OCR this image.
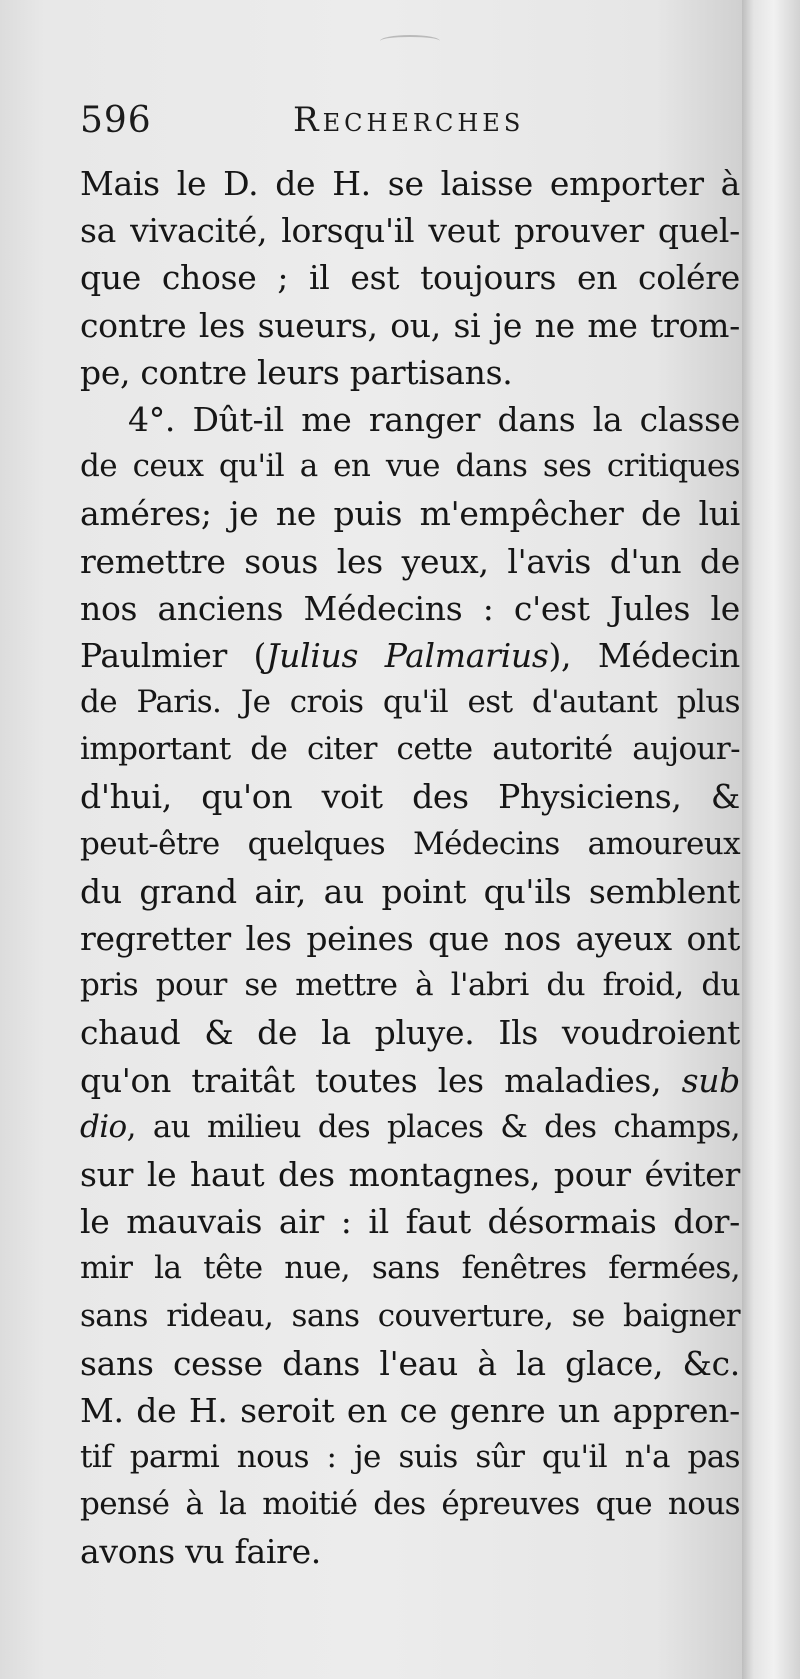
596	Recherches
Mais le D. de H. se laisse emporter à
sa vivacité, lorsqu'il veut prouver quel-
que chose ; il est toujours en colére
contre les sueurs, ou, si je ne me trom-
pe, contre leurs partisans.
4°. Dût-il me ranger dans la classe
de ceux qu'il a en vue dans ses critiques
améres; je ne puis m'empêcher de lui
remettre sous les yeux, l'avis d'un de
nos anciens Médecins : c'est Jules le
Paulmier (Julius Palmarius), Médecin
de Paris. Je crois qu'il est d'autant plus
important de citer cette autorité aujour-
d'hui, qu'on voit des Physiciens, &
peut-être quelques Médecins amoureux
du grand air, au point qu'ils semblent
regretter les peines que nos ayeux ont
pris pour se mettre à l'abri du froid, du
chaud & de la pluye. Ils voudroient
qu'on traitât toutes les maladies, sub
dio, au milieu des places & des champs,
sur le haut des montagnes, pour éviter
le mauvais air : il faut désormais dor-
mir la tête nue, sans fenêtres fermées,
sans rideau, sans couverture, se baigner
sans cesse dans l'eau à la glace, &c.
M. de H. seroit en ce genre un appren-
tif parmi nous : je suis sûr qu'il n'a pas
pensé à la moitié des épreuves que nous
avons vu faire.
